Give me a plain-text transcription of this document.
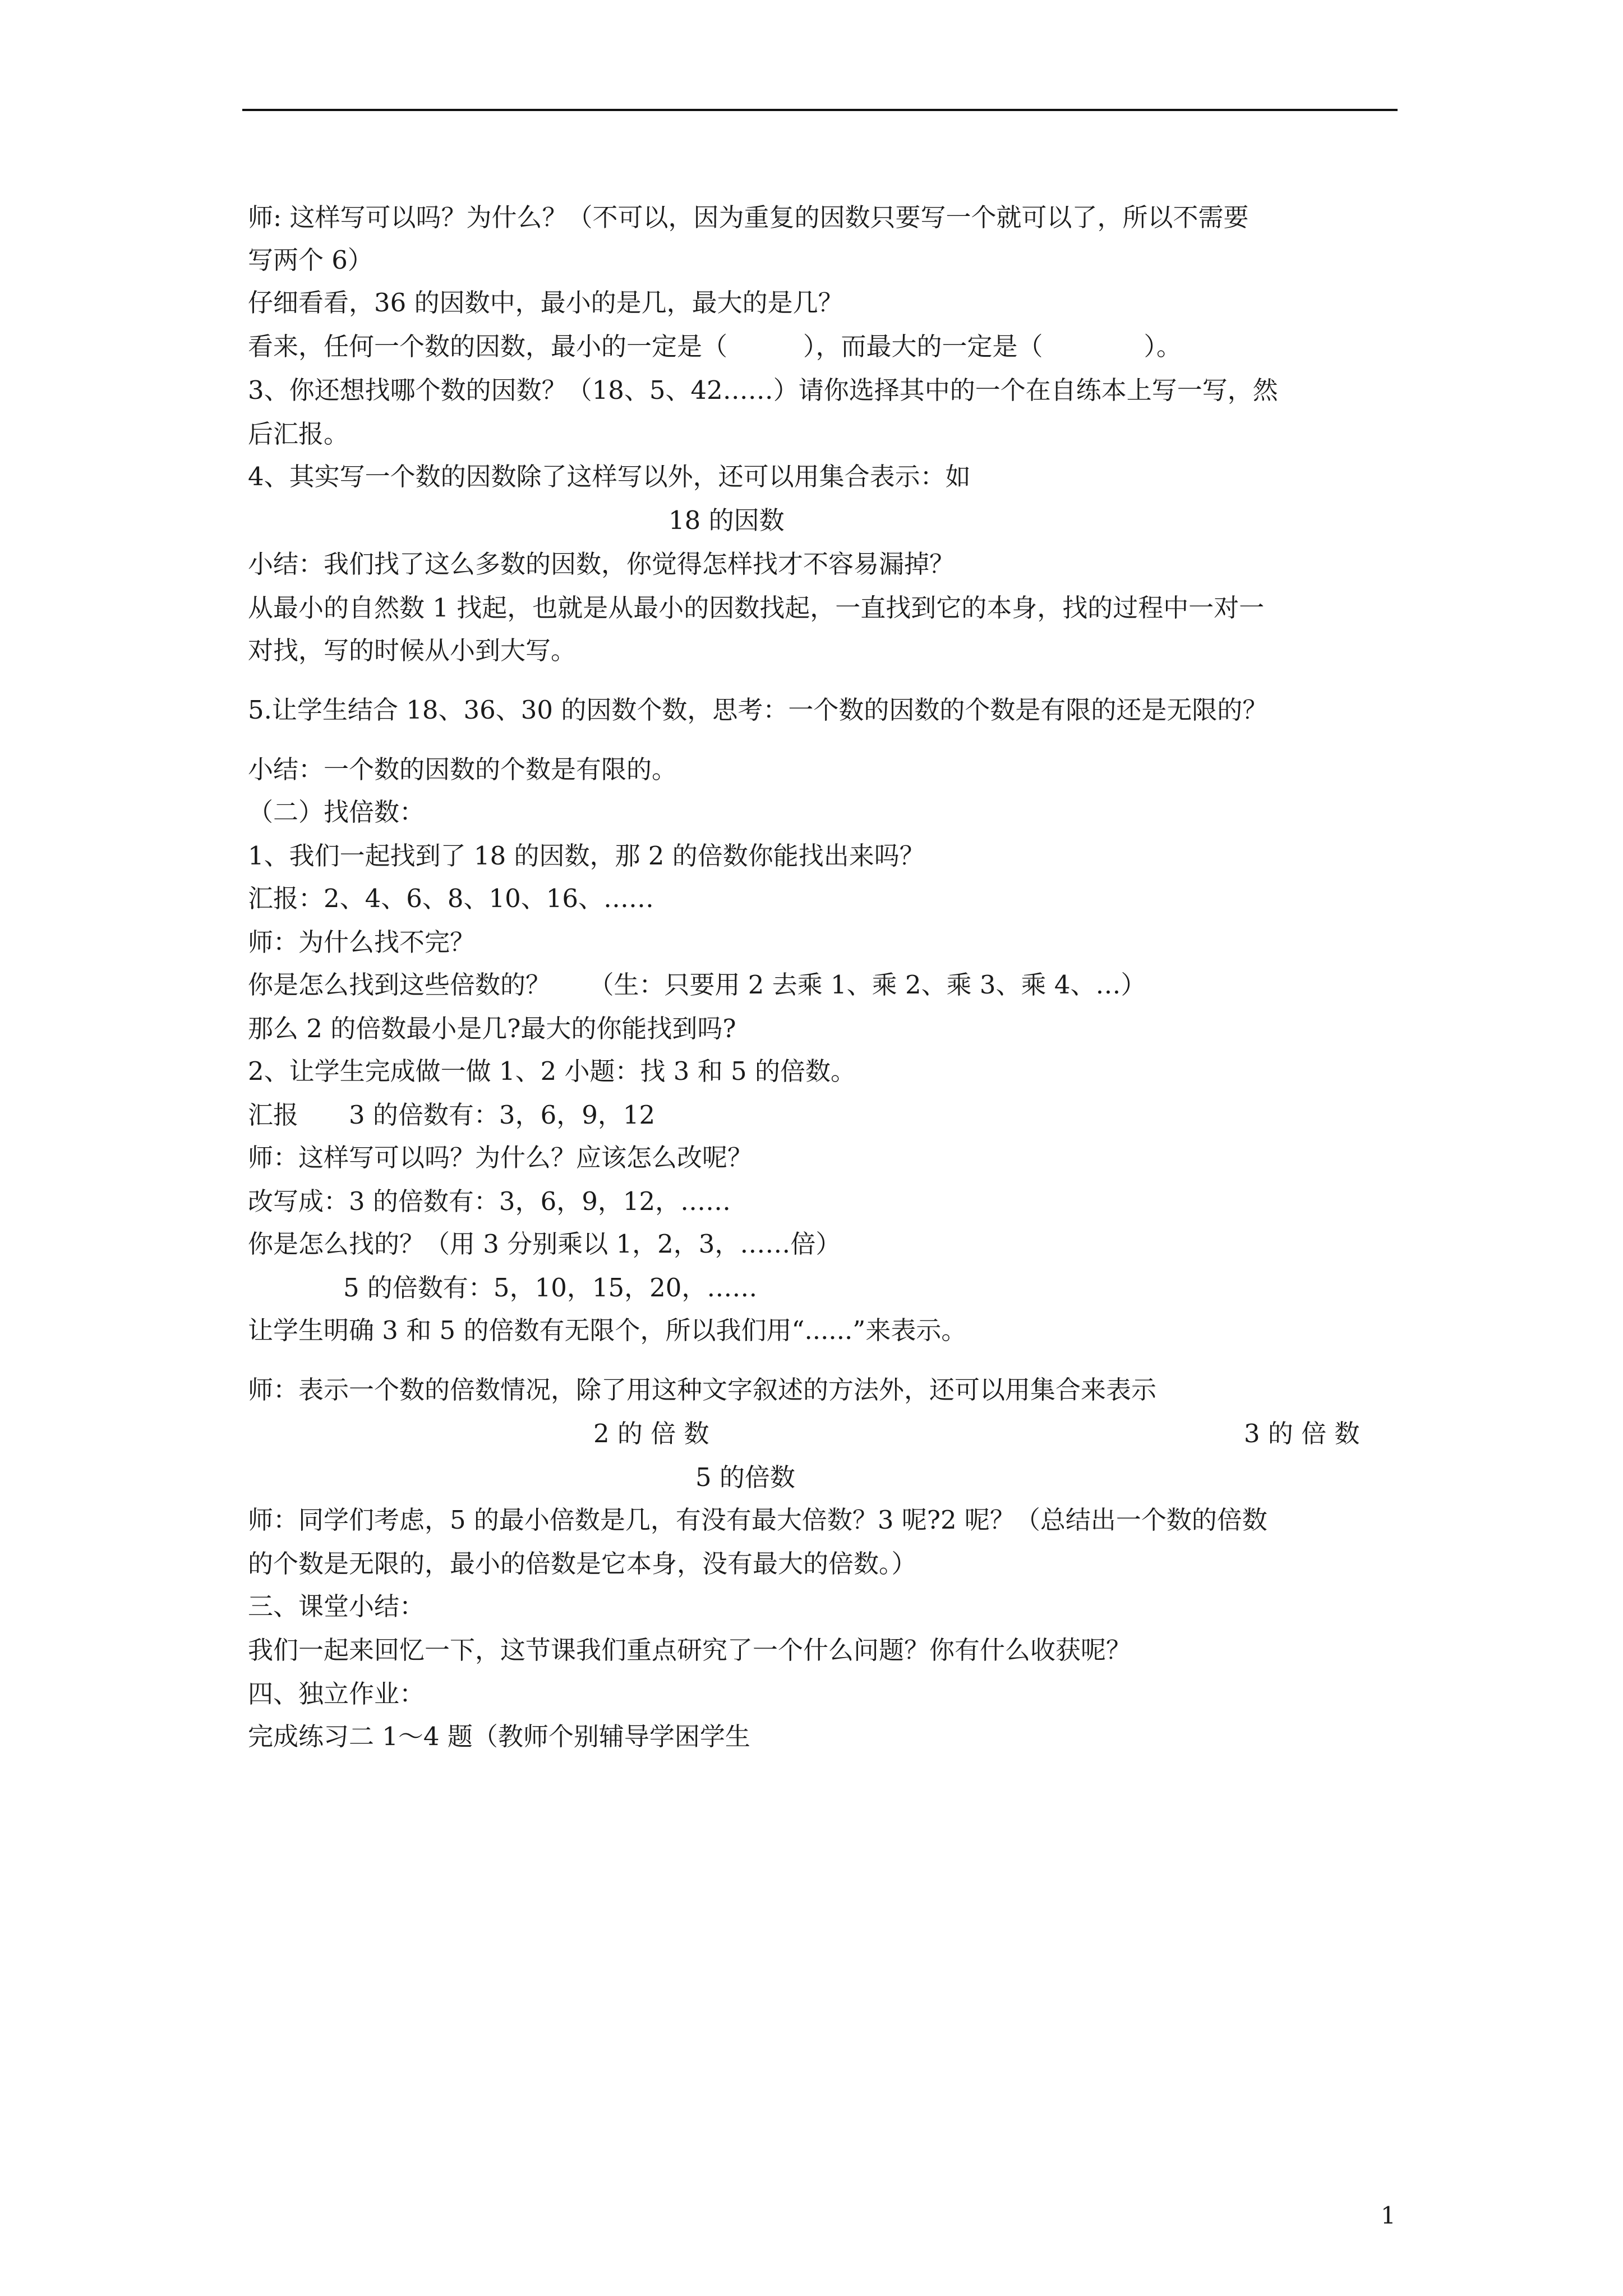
师: 这样写可以吗？为什么？（不可以，因为重复的因数只要写一个就可以了，所以不需要
写两个 6）
仔细看看，36 的因数中，最小的是几，最大的是几？
看来，任何一个数的因数，最小的一定是（　　　），而最大的一定是（　　　　）。
3、你还想找哪个数的因数？（18、5、42……）请你选择其中的一个在自练本上写一写，然
后汇报。
4、其实写一个数的因数除了这样写以外，还可以用集合表示：如
18 的因数
小结：我们找了这么多数的因数，你觉得怎样找才不容易漏掉？
从最小的自然数 1 找起，也就是从最小的因数找起，一直找到它的本身，找的过程中一对一
对找，写的时候从小到大写。
5.让学生结合 18、36、30 的因数个数，思考：一个数的因数的个数是有限的还是无限的？
小结：一个数的因数的个数是有限的。
（二）找倍数：
1、我们一起找到了 18 的因数，那 2 的倍数你能找出来吗？
汇报：2、4、6、8、10、16、……
师：为什么找不完？
你是怎么找到这些倍数的？　　（生：只要用 2 去乘 1、乘 2、乘 3、乘 4、…）
那么 2 的倍数最小是几?最大的你能找到吗?
2、让学生完成做一做 1、2 小题：找 3 和 5 的倍数。
汇报　　3 的倍数有：3，6，9，12
师：这样写可以吗？为什么？应该怎么改呢？
改写成：3 的倍数有：3，6，9，12，……
你是怎么找的？（用 3 分别乘以 1，2，3，……倍）
5 的倍数有：5，10，15，20，……
让学生明确 3 和 5 的倍数有无限个，所以我们用“......”来表示。
师：表示一个数的倍数情况，除了用这种文字叙述的方法外，还可以用集合来表示
2 的 倍 数	3 的 倍 数
5 的倍数
师：同学们考虑，5 的最小倍数是几，有没有最大倍数？3 呢?2 呢？（总结出一个数的倍数
的个数是无限的，最小的倍数是它本身，没有最大的倍数。）
三、课堂小结：
我们一起来回忆一下，这节课我们重点研究了一个什么问题？你有什么收获呢？
四、独立作业：
完成练习二 1～4 题（教师个别辅导学困学生
1
